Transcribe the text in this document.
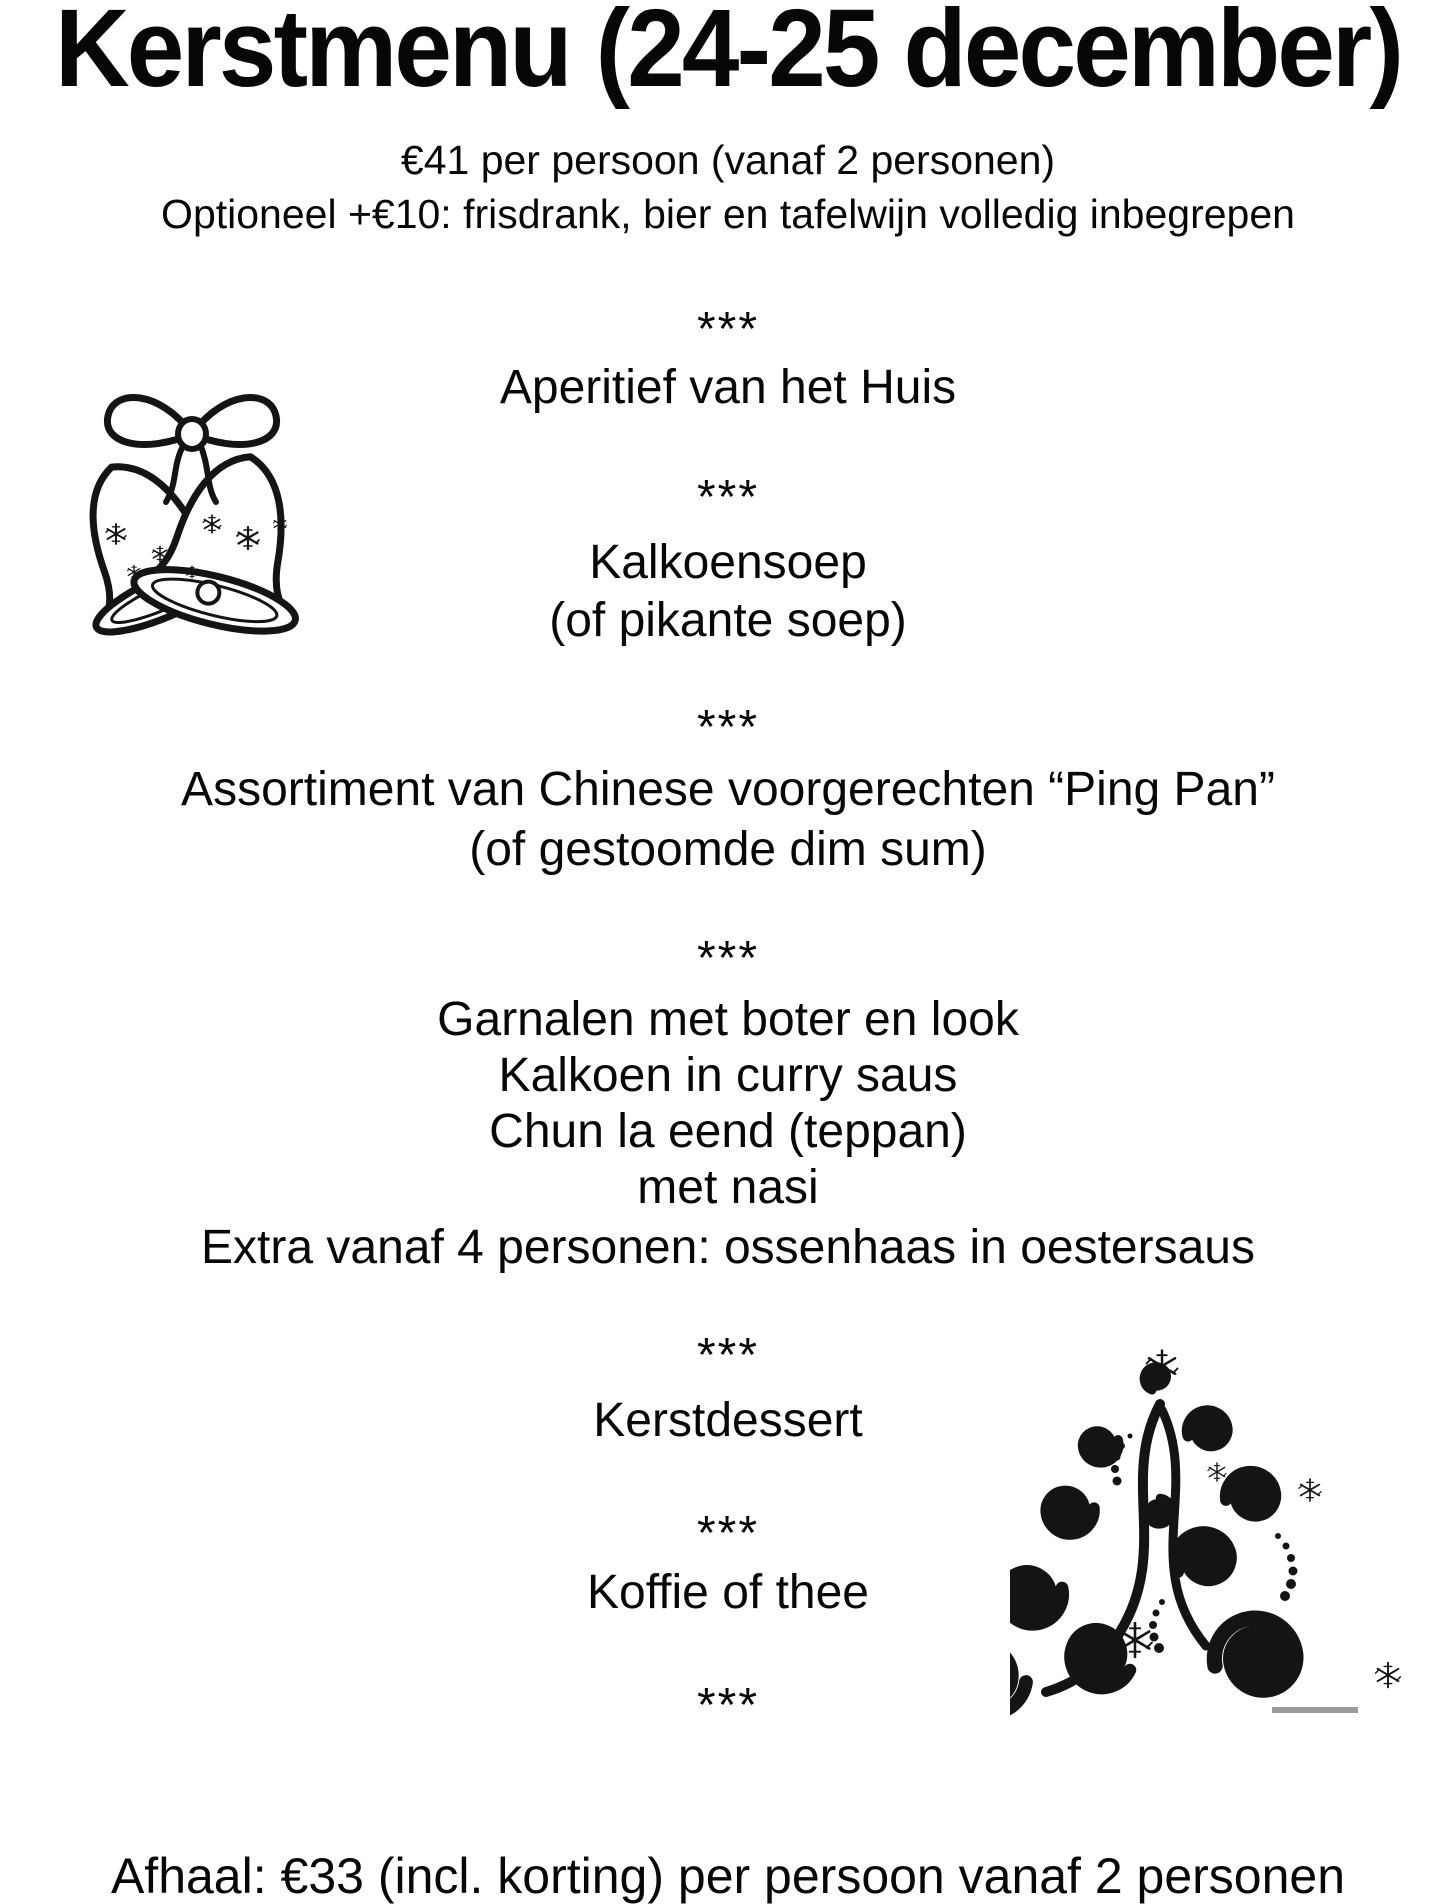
Kerstmenu (24-25 december)
€41 per persoon (vanaf 2 personen)
Optioneel +€10: frisdrank, bier en tafelwijn volledig inbegrepen
***
Aperitief van het Huis
***
Kalkoensoep
(of pikante soep)
***
Assortiment van Chinese voorgerechten “Ping Pan”
(of gestoomde dim sum)
***
Garnalen met boter en look
Kalkoen in curry saus
Chun la eend (teppan)
met nasi
Extra vanaf 4 personen: ossenhaas in oestersaus
***
Kerstdessert
***
Koffie of thee
***
Afhaal: €33 (incl. korting) per persoon vanaf 2 personen
